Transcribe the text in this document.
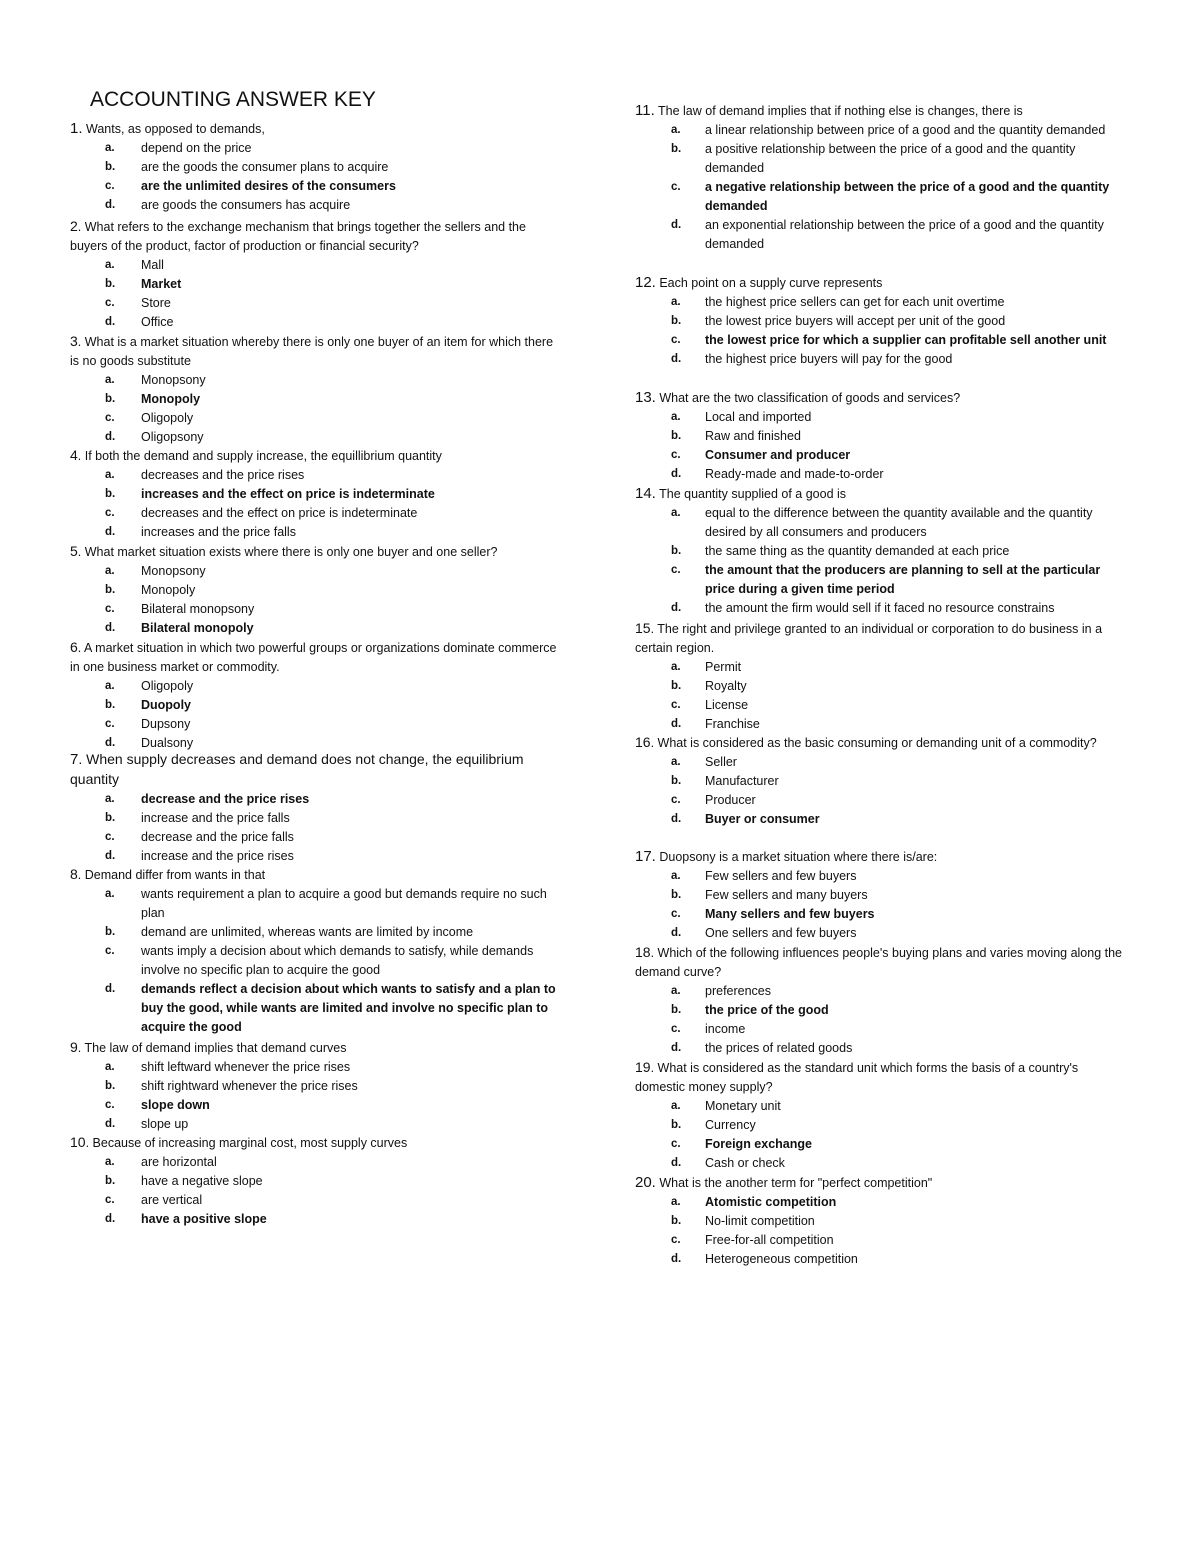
ACCOUNTING ANSWER KEY
1. Wants, as opposed to demands,
a.	depend on the price
b.	are the goods the consumer plans to acquire
c.	are the unlimited desires of the consumers
d.	are goods the consumers has acquire
2. What refers to the exchange mechanism that brings together the sellers and the buyers of the product, factor of production or financial security?
a.	Mall
b.	Market
c.	Store
d.	Office
3. What is a market situation whereby there is only one buyer of an item for which there is no goods substitute
a.	Monopsony
b.	Monopoly
c.	Oligopoly
d.	Oligopsony
4. If both the demand and supply increase, the equillibrium quantity
a.	decreases and the price rises
b.	increases and the effect on price is indeterminate
c.	decreases and the effect on price is indeterminate
d.	increases and the price falls
5. What market situation exists where there is only one buyer and one seller?
a.	Monopsony
b.	Monopoly
c.	Bilateral monopsony
d.	Bilateral monopoly
6. A market situation in which two powerful groups or organizations dominate commerce in one business market or commodity.
a.	Oligopoly
b.	Duopoly
c.	Dupsony
d.	Dualsony
7. When supply decreases and demand does not change, the equilibrium quantity
a.	decrease and the price rises
b.	increase and the price falls
c.	decrease and the price falls
d.	increase and the price rises
8. Demand differ from wants in that
a.	wants requirement a plan to acquire a good but demands require no such plan
b.	demand are unlimited, whereas wants are limited by income
c.	wants imply a decision about which demands to satisfy, while demands involve no specific plan to acquire the good
d.	demands reflect a decision about which wants to satisfy and a plan to buy the good, while wants are limited and involve no specific plan to acquire the good
9. The law of demand implies that demand curves
a.	shift leftward whenever the price rises
b.	shift rightward whenever the price rises
c.	slope down
d.	slope up
10. Because of increasing marginal cost, most supply curves
a.	are horizontal
b.	have a negative slope
c.	are vertical
d.	have a positive slope
11. The law of demand implies that if nothing else is changes, there is
a.	a linear relationship between price of a good and the quantity demanded
b.	a positive relationship between the price of a good and the quantity demanded
c.	a negative relationship between the price of a good and the quantity demanded
d.	an exponential relationship between the price of a good and the quantity demanded
12. Each point on a supply curve represents
a.	the highest price sellers can get for each unit overtime
b.	the lowest price buyers will accept per unit of the good
c.	the lowest price for which a supplier can profitable sell another unit
d.	the highest price buyers will pay for the good
13. What are the two classification of goods and services?
a.	Local and imported
b.	Raw and finished
c.	Consumer and producer
d.	Ready-made and made-to-order
14. The quantity supplied of a good is
a.	equal to the difference between the quantity available and the quantity desired by all consumers and producers
b.	the same thing as the quantity demanded at each price
c.	the amount that the producers are planning to sell at the particular price during a given time period
d.	the amount the firm would sell if it faced no resource constrains
15. The right and privilege granted to an individual or corporation to do business in a certain region.
a.	Permit
b.	Royalty
c.	License
d.	Franchise
16. What is considered as the basic consuming or demanding unit of a commodity?
a.	Seller
b.	Manufacturer
c.	Producer
d.	Buyer or consumer
17. Duopsony is a market situation where there is/are:
a.	Few sellers and few buyers
b.	Few sellers and many buyers
c.	Many sellers and few buyers
d.	One sellers and few buyers
18. Which of the following influences people's buying plans and varies moving along the demand curve?
a.	preferences
b.	the price of the good
c.	income
d.	the prices of related goods
19. What is considered as the standard unit which forms the basis of a country's domestic money supply?
a.	Monetary unit
b.	Currency
c.	Foreign exchange
d.	Cash or check
20. What is the another term for "perfect competition"
a.	Atomistic competition
b.	No-limit competition
c.	Free-for-all competition
d.	Heterogeneous competition
